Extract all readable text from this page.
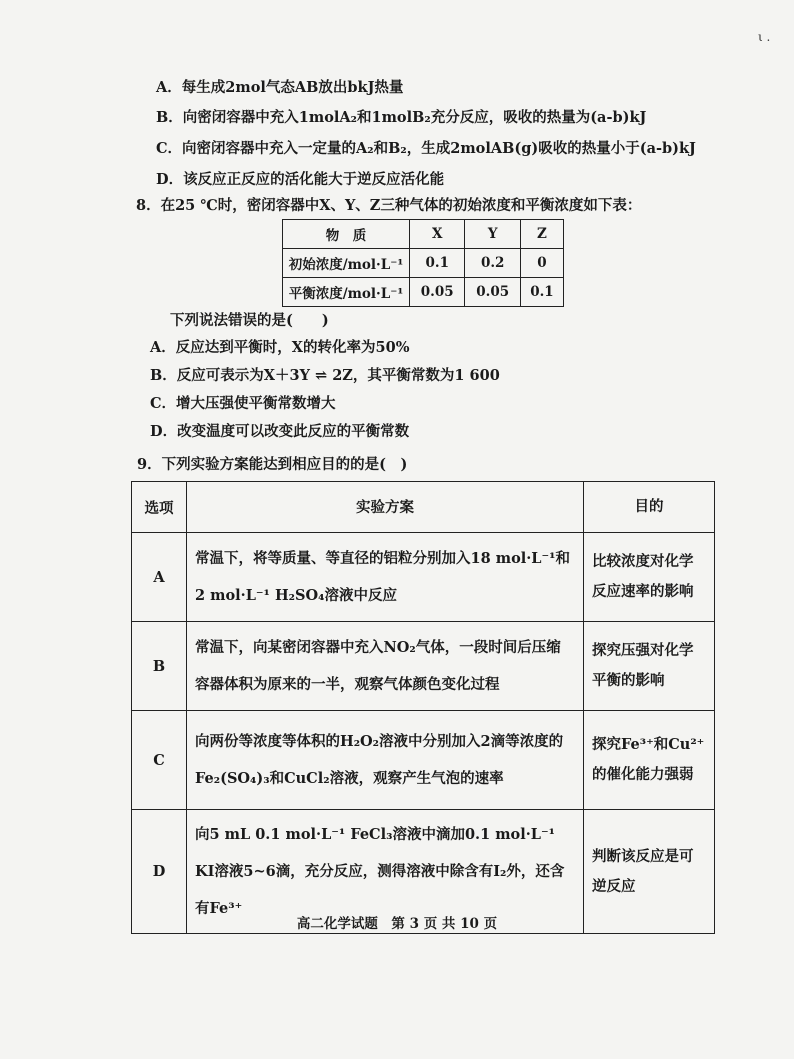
ι .
A．每生成2mol气态AB放出bkJ热量
B．向密闭容器中充入1molA₂和1molB₂充分反应，吸收的热量为(a-b)kJ
C．向密闭容器中充入一定量的A₂和B₂，生成2molAB(g)吸收的热量小于(a-b)kJ
D．该反应正反应的活化能大于逆反应活化能
8．在25 ℃时，密闭容器中X、Y、Z三种气体的初始浓度和平衡浓度如下表：
物　质	X	Y	Z
初始浓度/mol·L⁻¹	0.1	0.2	0
平衡浓度/mol·L⁻¹	0.05	0.05	0.1
下列说法错误的是(　　)
A．反应达到平衡时，X的转化率为50%
B．反应可表示为X＋3Y ⇌ 2Z，其平衡常数为1 600
C．增大压强使平衡常数增大
D．改变温度可以改变此反应的平衡常数
9．下列实验方案能达到相应目的的是(　)
选项	实验方案	目的
A	常温下，将等质量、等直径的铝粒分别加入18 mol·L⁻¹和2 mol·L⁻¹ H₂SO₄溶液中反应	比较浓度对化学反应速率的影响
B	常温下，向某密闭容器中充入NO₂气体，一段时间后压缩容器体积为原来的一半，观察气体颜色变化过程	探究压强对化学平衡的影响
C	向两份等浓度等体积的H₂O₂溶液中分别加入2滴等浓度的Fe₂(SO₄)₃和CuCl₂溶液，观察产生气泡的速率	探究Fe³⁺和Cu²⁺的催化能力强弱
D	向5 mL 0.1 mol·L⁻¹ FeCl₃溶液中滴加0.1 mol·L⁻¹ KI溶液5~6滴，充分反应，测得溶液中除含有I₂外，还含有Fe³⁺	判断该反应是可逆反应
高二化学试题　第 3 页 共 10 页
